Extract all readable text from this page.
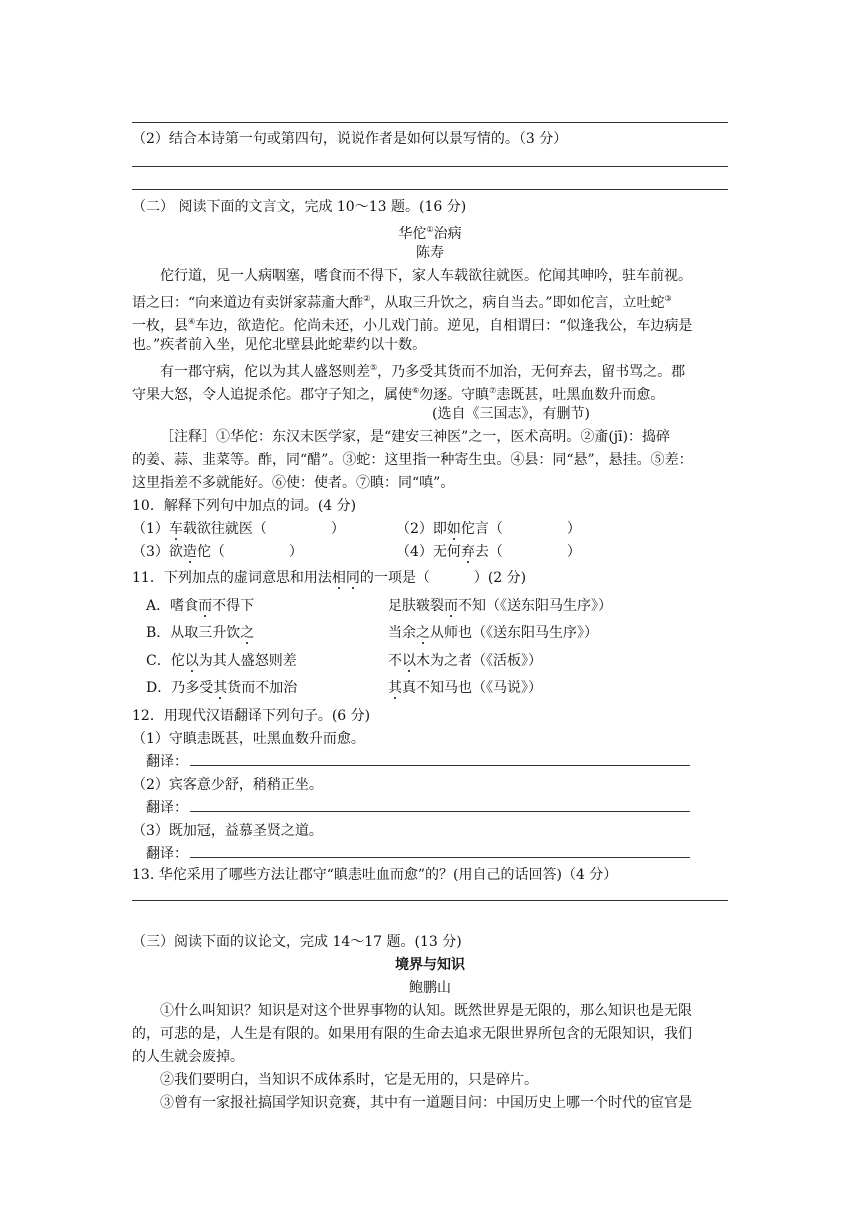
（2）结合本诗第一句或第四句，说说作者是如何以景写情的。（3 分）
（二） 阅读下面的文言文，完成 10～13 题。(16 分)
华佗①治病
陈寿
佗行道，见一人病咽塞，嗜食而不得下，家人车载欲往就医。佗闻其呻吟，驻车前视。
语之曰：“向来道边有卖饼家蒜齑大酢②，从取三升饮之，病自当去。”即如佗言，立吐蛇③
一枚，县④车边，欲造佗。佗尚未还，小儿戏门前。逆见，自相谓曰：“似逢我公，车边病是
也。”疾者前入坐，见佗北壁县此蛇辈约以十数。
有一郡守病，佗以为其人盛怒则差⑤，乃多受其货而不加治，无何弃去，留书骂之。郡
守果大怒，令人追捉杀佗。郡守子知之，属使⑥勿逐。守瞋⑦恚既甚，吐黑血数升而愈。
(选自《三国志》，有删节)
［注释］①华佗：东汉末医学家，是“建安三神医”之一，医术高明。②齑(jī)：捣碎
的姜、蒜、韭菜等。酢，同“醋”。③蛇：这里指一种寄生虫。④县：同“悬”，悬挂。⑤差：
这里指差不多就能好。⑥使：使者。⑦瞋：同“嗔”。
10．解释下列句中加点的词。(4 分)
（1）车载欲往就医（	）	（2）即如佗言（	）
（3）欲造佗（	）	（4）无何弃去（	）
11．下列加点的虚词意思和用法相同的一项是（	）(2 分)
A．嗜食而不得下	足肤皲裂而不知（《送东阳马生序》）
B．从取三升饮之	当余之从师也（《送东阳马生序》）
C．佗以为其人盛怒则差	不以木为之者（《活板》）
D．乃多受其货而不加治	其真不知马也（《马说》）
12．用现代汉语翻译下列句子。(6 分)
（1）守瞋恚既甚，吐黑血数升而愈。
翻译：
（2）宾客意少舒，稍稍正坐。
翻译：
（3）既加冠，益慕圣贤之道。
翻译：
13. 华佗采用了哪些方法让郡守“瞋恚吐血而愈”的？(用自己的话回答)（4 分）
（三）阅读下面的议论文，完成 14～17 题。(13 分)
境界与知识
鲍鹏山
①什么叫知识？知识是对这个世界事物的认知。既然世界是无限的，那么知识也是无限
的，可悲的是，人生是有限的。如果用有限的生命去追求无限世界所包含的无限知识，我们
的人生就会废掉。
②我们要明白，当知识不成体系时，它是无用的，只是碎片。
③曾有一家报社搞国学知识竞赛，其中有一道题目问：中国历史上哪一个时代的宦官是
